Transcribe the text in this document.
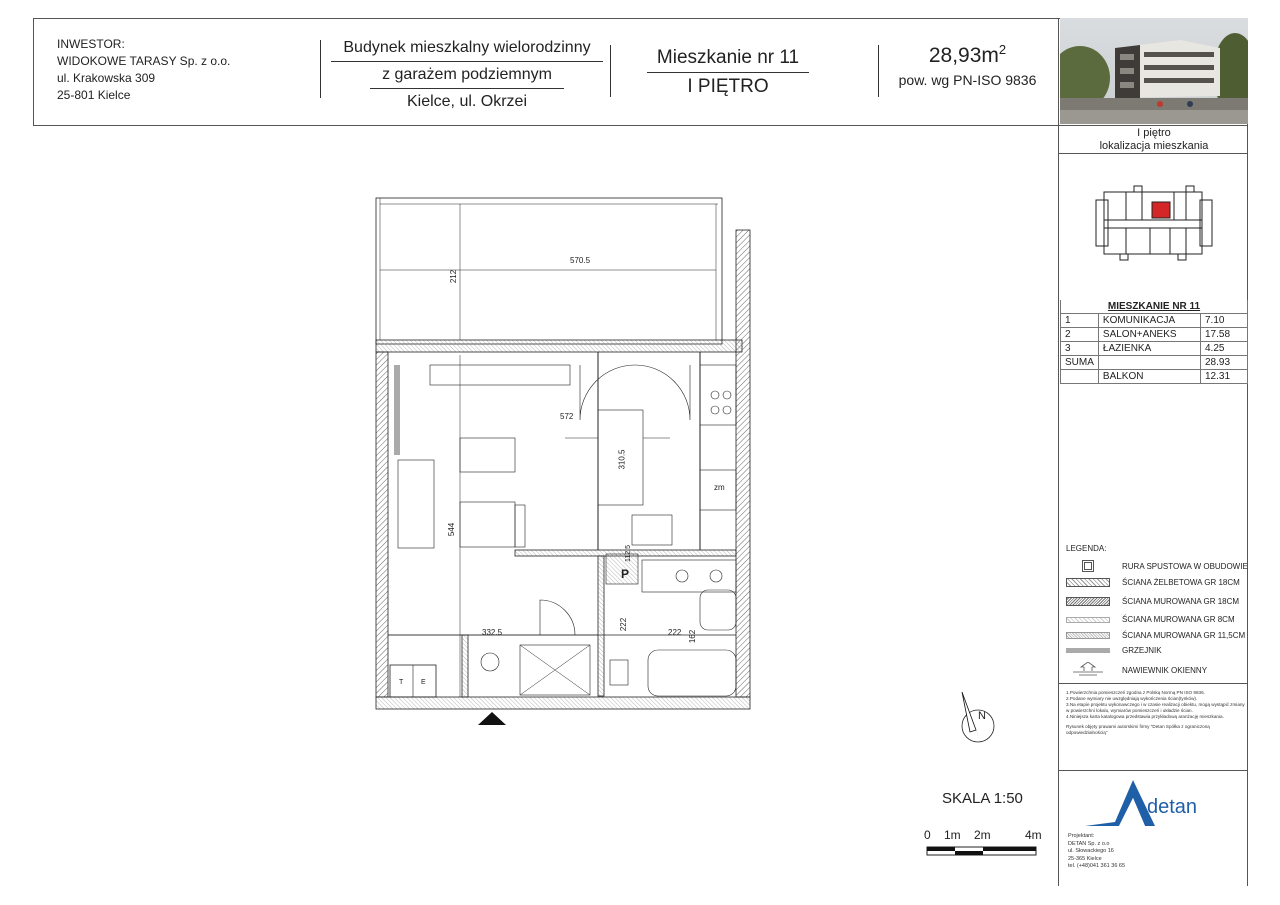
INWESTOR:
WIDOKOWE TARASY Sp. z o.o.
ul. Krakowska 309
25-801 Kielce
Budynek mieszkalny wielorodzinny
z garażem podziemnym
Kielce, ul. Okrzei
Mieszkanie nr 11
I PIĘTRO
$28,93m^2$
pow. wg PN-ISO 9836
I piętro
lokalizacja mieszkania
MIESZKANIE NR 11		
1	KOMUNIKACJA	7.10
2	SALON+ANEKS	17.58
3	ŁAZIENKA	4.25
SUMA		28.93
	BALKON	12.31
LEGENDA:
RURA SPUSTOWA W OBUDOWIE
ŚCIANA ŻELBETOWA GR 18CM
ŚCIANA MUROWANA GR 18CM
ŚCIANA MUROWANA GR 8CM
ŚCIANA MUROWANA GR 11,5CM
GRZEJNIK
NAWIEWNIK OKIENNY
1.Powierzchnia pomieszczeń zgodna z Polską Normą PN ISO 9836.
2.Podane wymiary nie uwzględniają wykończenia ścian(tynków).
3.Na etapie projektu wykonawczego i w czasie realizacji obiektu, mogą wystąpić zmiany w powierzchni lokalu, wymiarów pomieszczeń i układzie ścian.
4.Niniejsza karta katalogowa przedstawia przykładową aranżację mieszkania.
Rysunek objęty prawami autorskimi firmy "Detan Spółka z ograniczoną odpowiedzialnością"
detan
Projektant:
DETAN Sp. z o.o
ul. Słowackiego 16
25-365 Kielce
tel. (+48)041 361 36 65
SKALA 1:50
0 1m 2m	4m
N
570.5
212
572
310.5
544
332.5	222
222
162
112.5
zm
P
T	E
